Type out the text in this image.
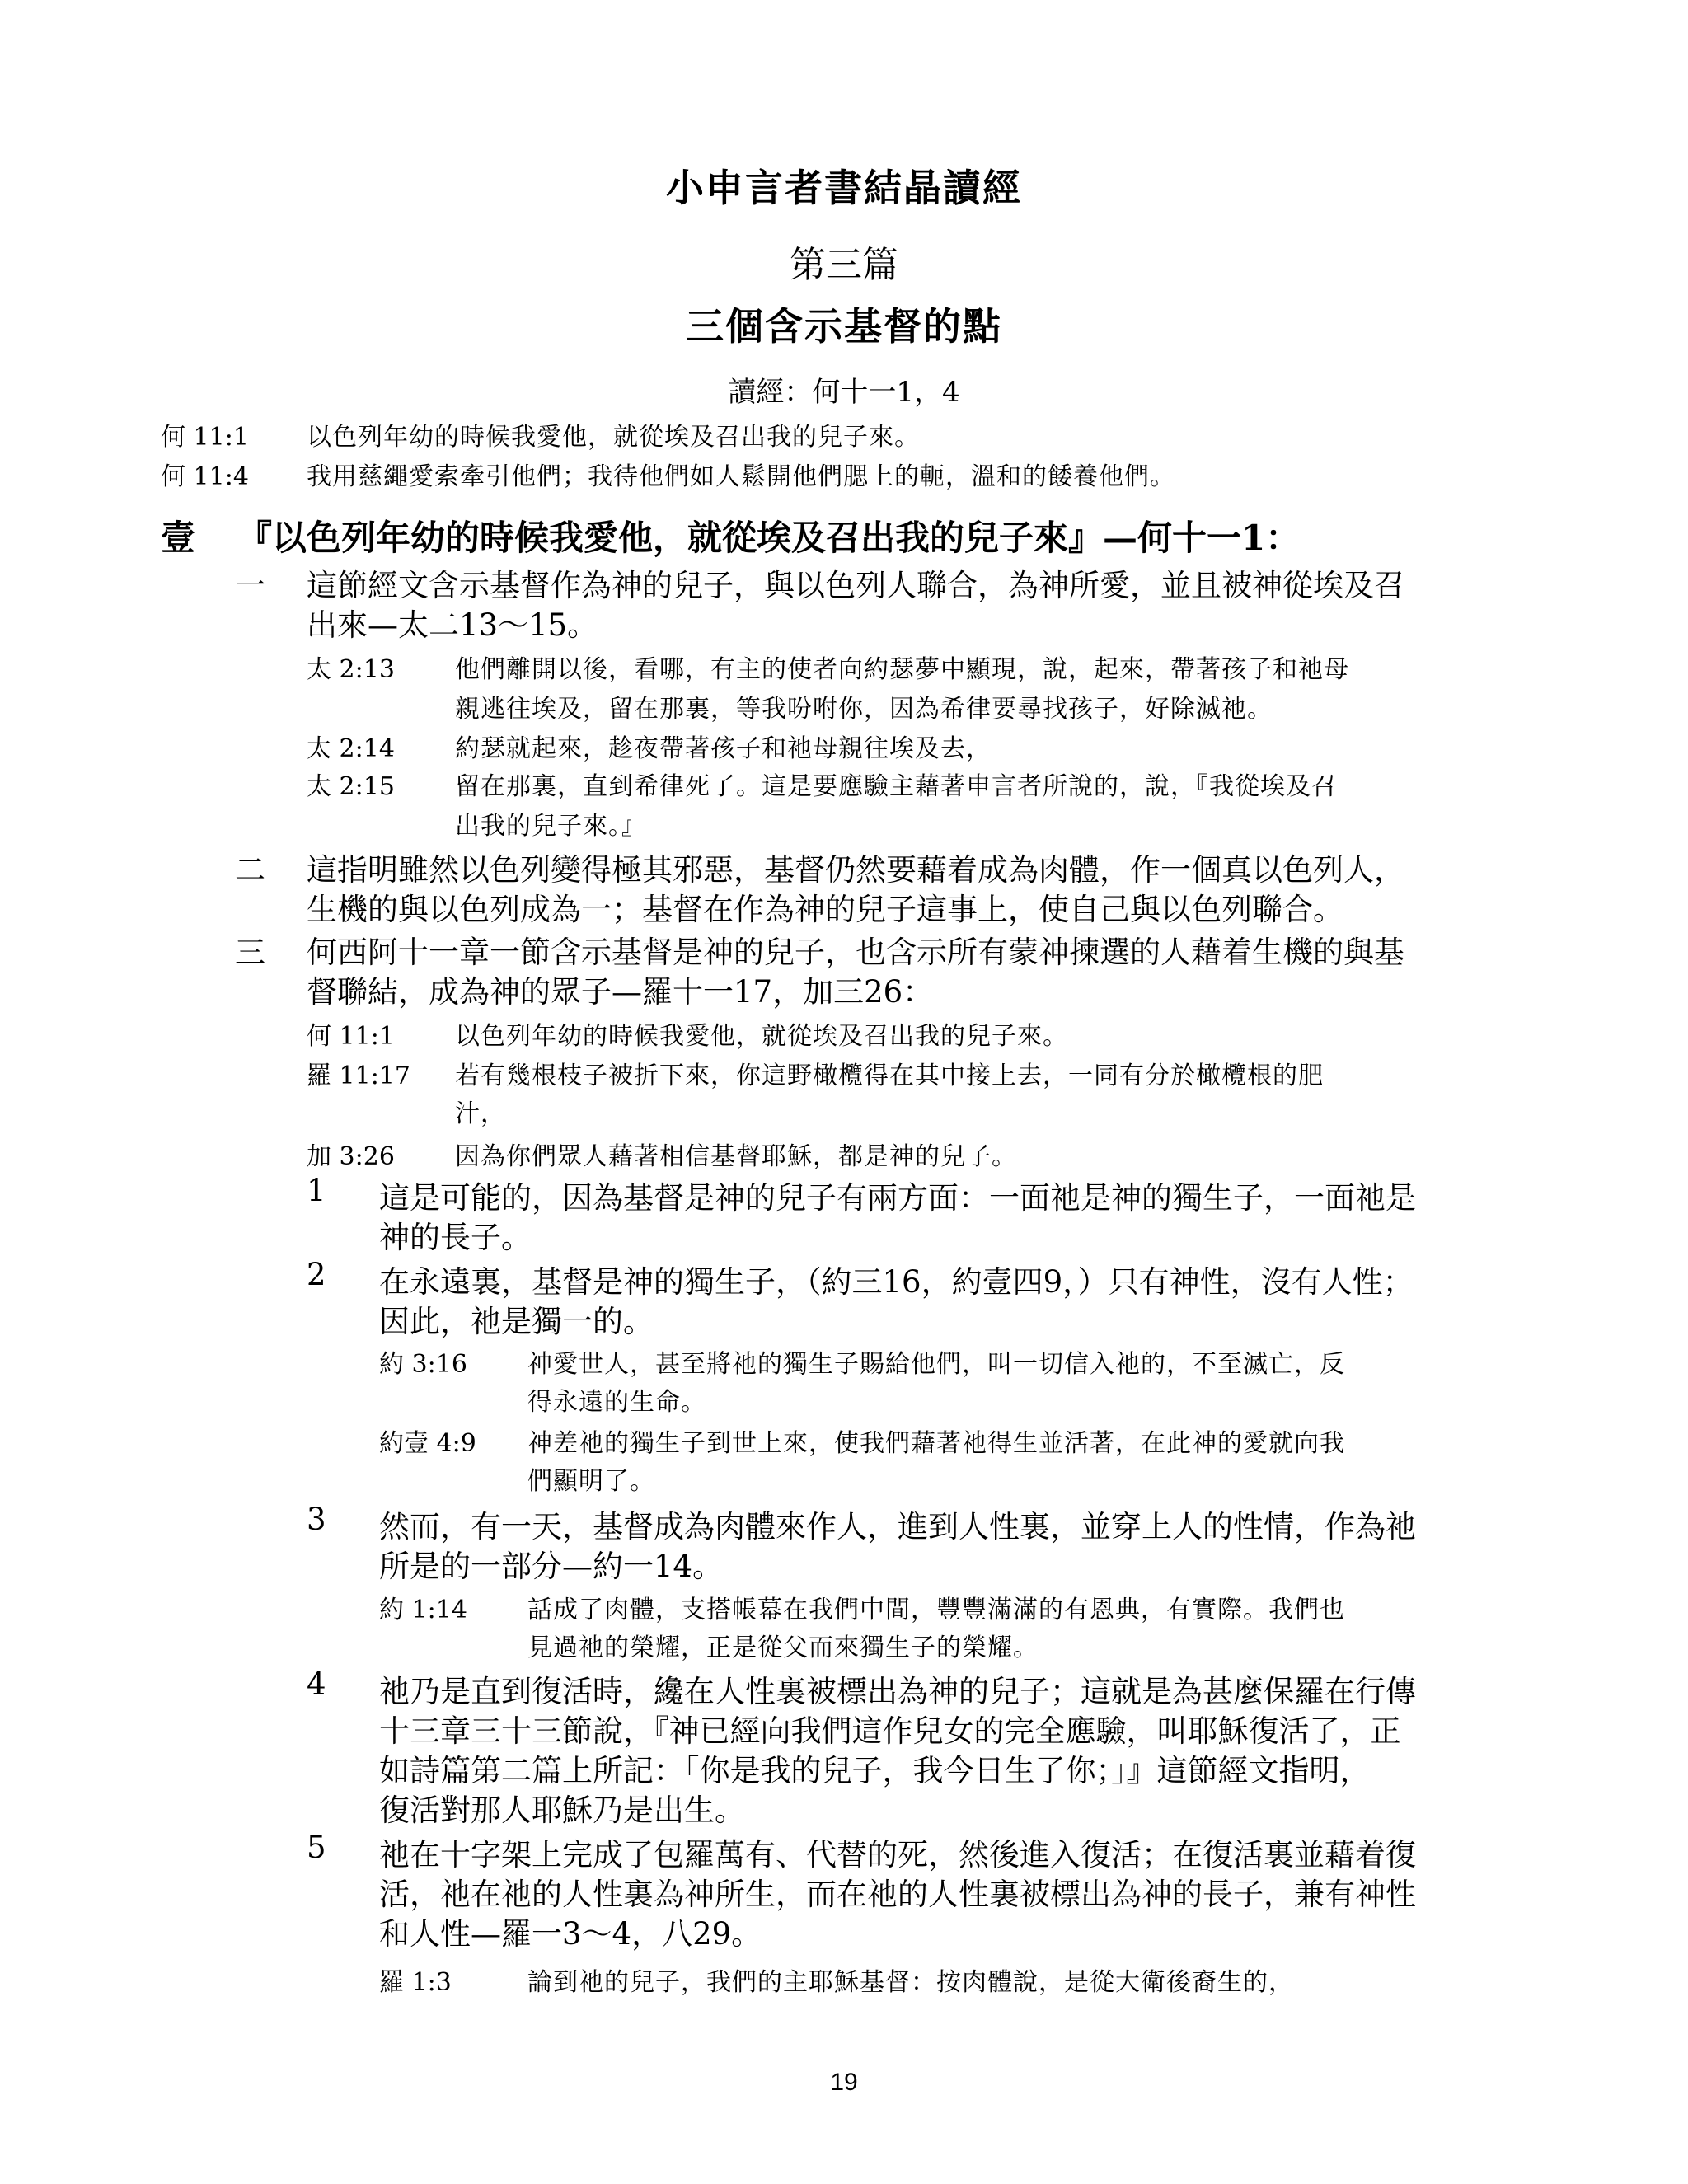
小申言者書結晶讀經
第三篇
三個含示基督的點
讀經：何十一1，4
何 11:1 以色列年幼的時候我愛他，就從埃及召出我的兒子來。
何 11:4 我用慈繩愛索牽引他們；我待他們如人鬆開他們腮上的軛，溫和的餧養他們。
壹 『以色列年幼的時候我愛他，就從埃及召出我的兒子來』—何十一1：
一 這節經文含示基督作為神的兒子，與以色列人聯合，為神所愛，並且被神從埃及召
出來—太二13～15。
太 2:13 他們離開以後，看哪，有主的使者向約瑟夢中顯現，說，起來，帶著孩子和祂母
親逃往埃及，留在那裏，等我吩咐你，因為希律要尋找孩子，好除滅祂。
太 2:14 約瑟就起來，趁夜帶著孩子和祂母親往埃及去，
太 2:15 留在那裏，直到希律死了。這是要應驗主藉著申言者所說的，說，『我從埃及召
出我的兒子來。』
二 這指明雖然以色列變得極其邪惡，基督仍然要藉着成為肉體，作一個真以色列人，
生機的與以色列成為一；基督在作為神的兒子這事上，使自己與以色列聯合。
三 何西阿十一章一節含示基督是神的兒子，也含示所有蒙神揀選的人藉着生機的與基
督聯結，成為神的眾子—羅十一17，加三26：
何 11:1 以色列年幼的時候我愛他，就從埃及召出我的兒子來。
羅 11:17 若有幾根枝子被折下來，你這野橄欖得在其中接上去，一同有分於橄欖根的肥
汁，
加 3:26 因為你們眾人藉著相信基督耶穌，都是神的兒子。
1 這是可能的，因為基督是神的兒子有兩方面：一面祂是神的獨生子，一面祂是
神的長子。
2 在永遠裏，基督是神的獨生子，（約三16，約壹四9，）只有神性，沒有人性；
因此，祂是獨一的。
約 3:16 神愛世人，甚至將祂的獨生子賜給他們，叫一切信入祂的，不至滅亡，反
得永遠的生命。
約壹 4:9 神差祂的獨生子到世上來，使我們藉著祂得生並活著，在此神的愛就向我
們顯明了。
3 然而，有一天，基督成為肉體來作人，進到人性裏，並穿上人的性情，作為祂
所是的一部分—約一14。
約 1:14 話成了肉體，支搭帳幕在我們中間，豐豐滿滿的有恩典，有實際。我們也
見過祂的榮耀，正是從父而來獨生子的榮耀。
4 祂乃是直到復活時，纔在人性裏被標出為神的兒子；這就是為甚麼保羅在行傳
十三章三十三節說，『神已經向我們這作兒女的完全應驗，叫耶穌復活了，正
如詩篇第二篇上所記：「你是我的兒子，我今日生了你；」』這節經文指明，
復活對那人耶穌乃是出生。
5 祂在十字架上完成了包羅萬有、代替的死，然後進入復活；在復活裏並藉着復
活，祂在祂的人性裏為神所生，而在祂的人性裏被標出為神的長子，兼有神性
和人性—羅一3～4，八29。
羅 1:3	論到祂的兒子，我們的主耶穌基督：按肉體說，是從大衛後裔生的，
19
